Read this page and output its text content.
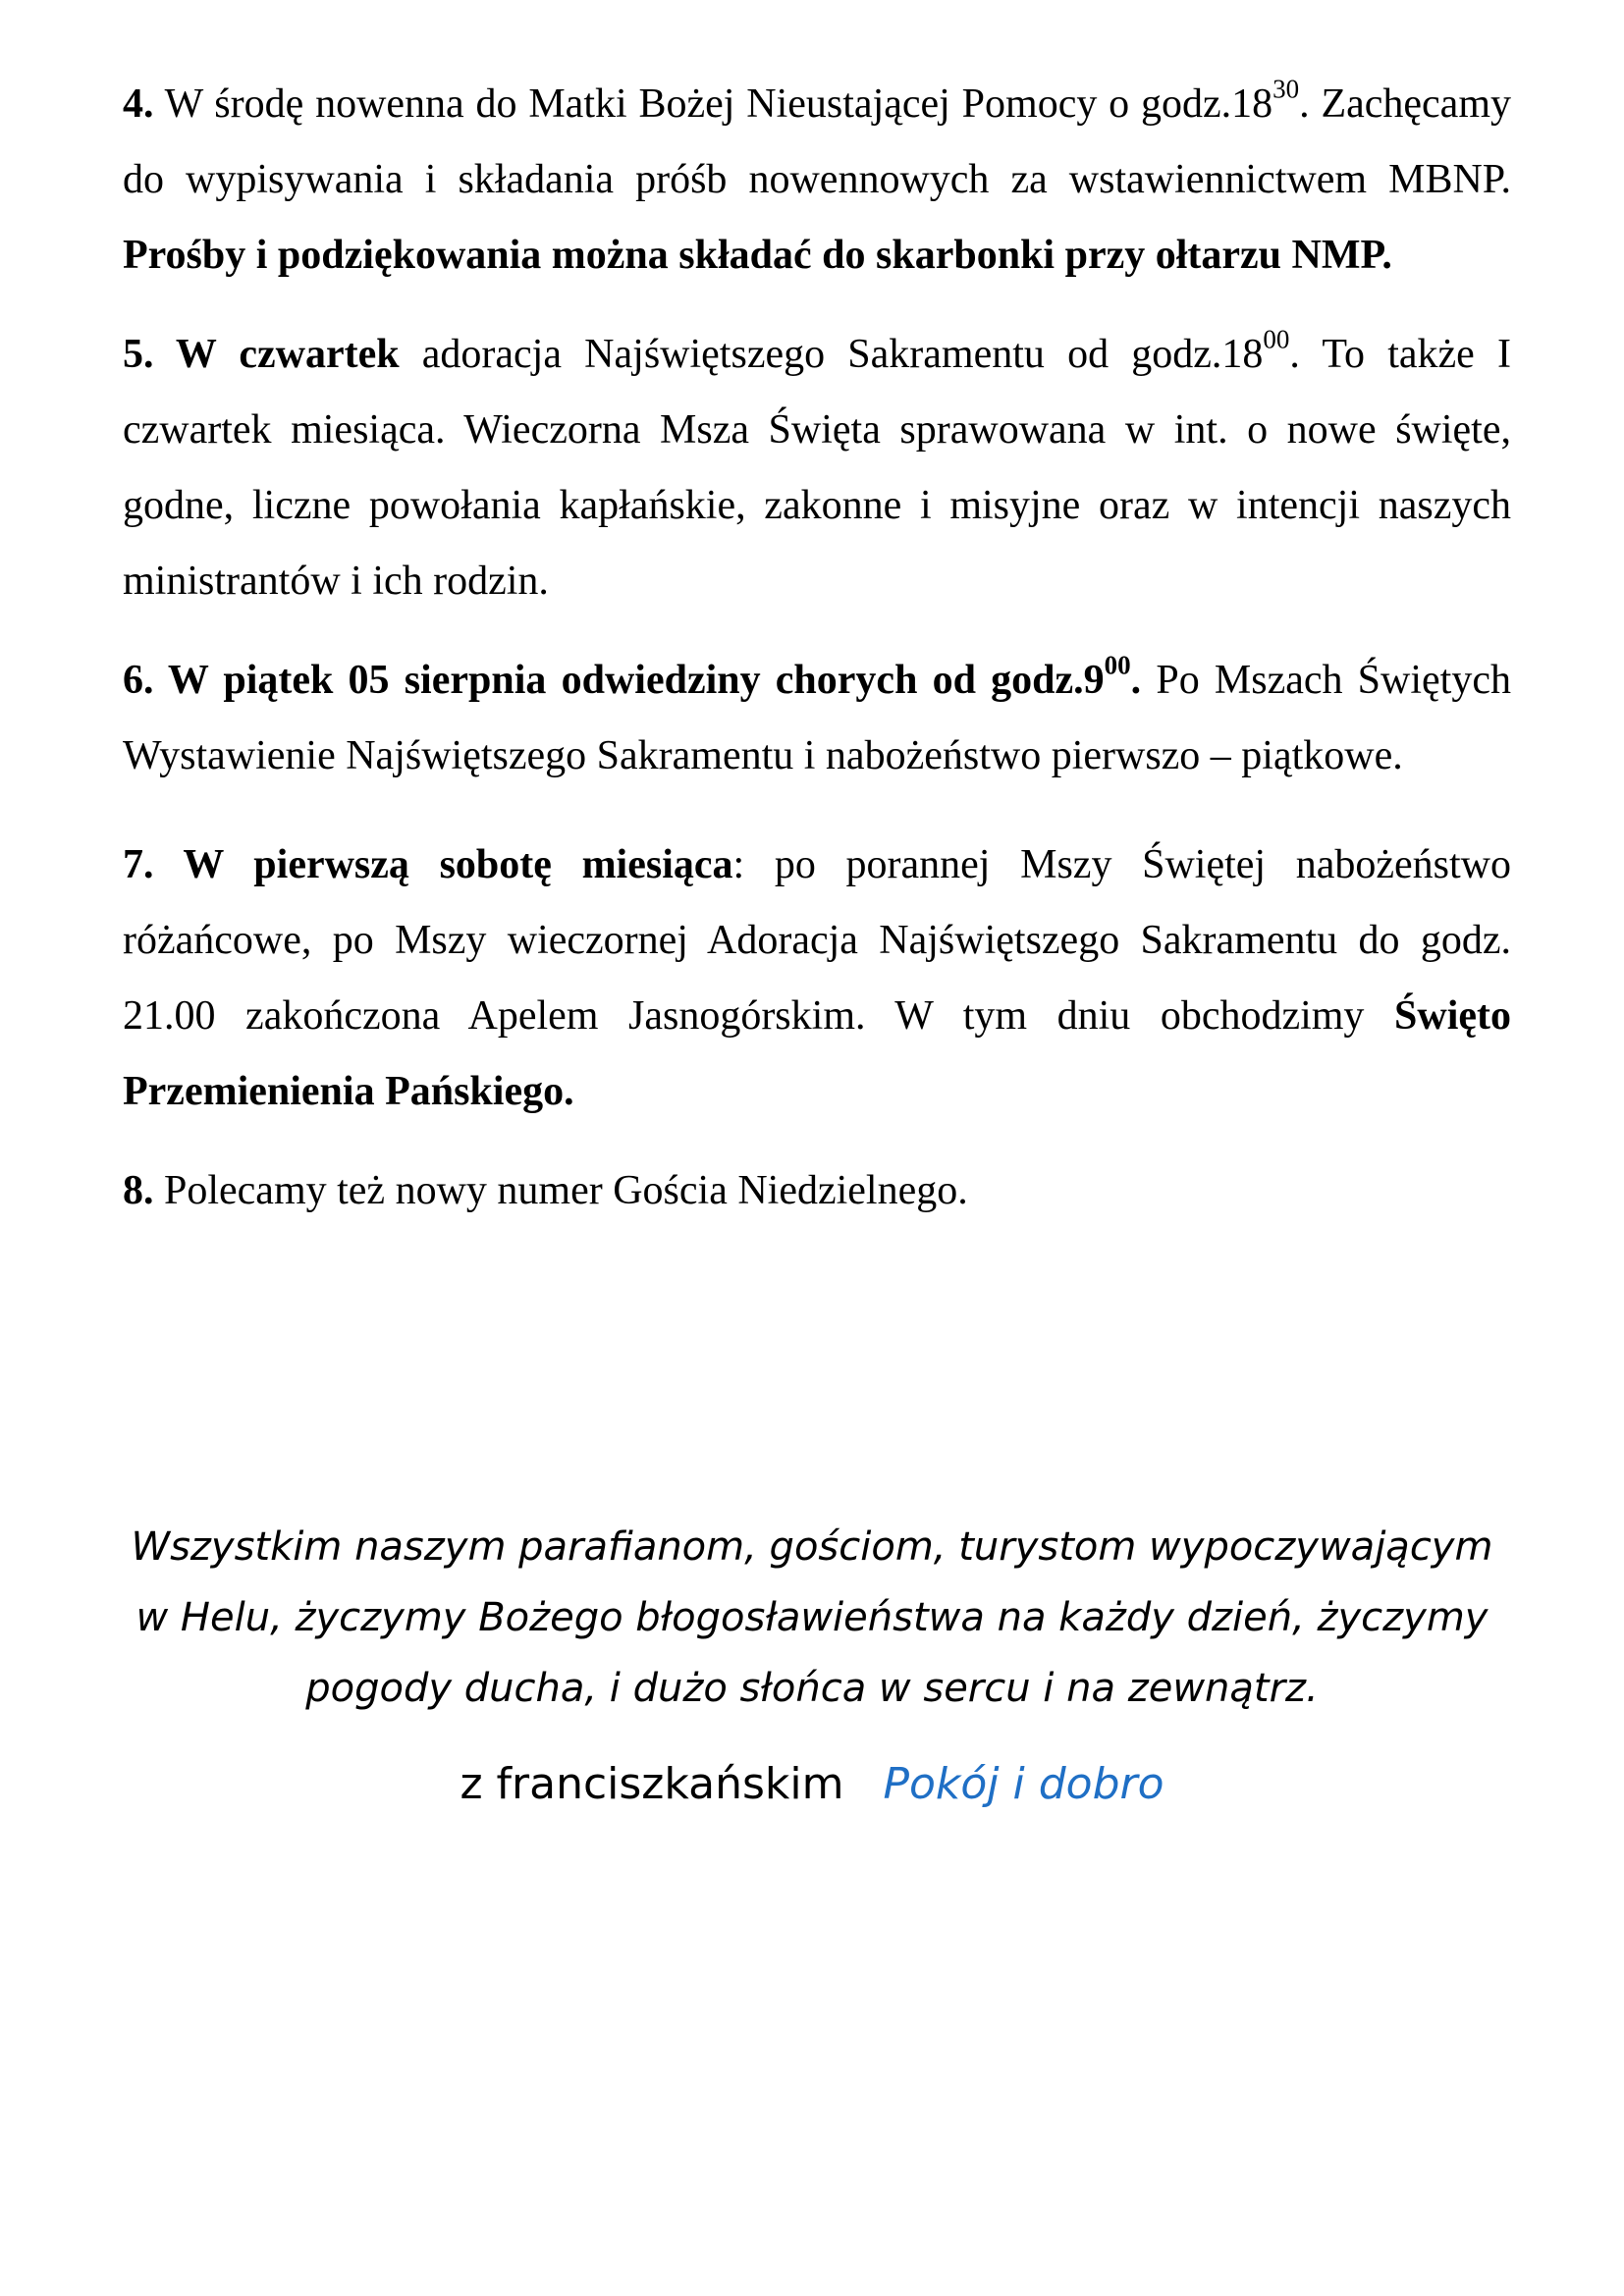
4. W środę nowenna do Matki Bożej Nieustającej Pomocy o $godz.18^{30}$. Zachęcamy do wypisywania i składania próśb nowennowych za wstawiennictwem MBNP. Prośby i podziękowania można składać do skarbonki przy ołtarzu NMP.

5. W czwartek adoracja Najświętszego Sakramentu od $godz.18^{00}$. To także I czwartek miesiąca. Wieczorna Msza Święta sprawowana w int. o nowe święte, godne, liczne powołania kapłańskie, zakonne i misyjne oraz w intencji naszych ministrantów i ich rodzin.

6. W piątek 05 sierpnia odwiedziny chorych od $godz.9^{00}$. Po Mszach Świętych Wystawienie Najświętszego Sakramentu i nabożeństwo pierwszo – piątkowe.

7. W pierwszą sobotę miesiąca: po porannej Mszy Świętej nabożeństwo różańcowe, po Mszy wieczornej Adoracja Najświętszego Sakramentu do godz. 21.00 zakończona Apelem Jasnogórskim. W tym dniu obchodzimy Święto Przemienienia Pańskiego.

8. Polecamy też nowy numer Gościa Niedzielnego.

Wszystkim naszym parafianom, gościom, turystom wypoczywającym
w Helu, życzymy Bożego błogosławieństwa na każdy dzień, życzymy
pogody ducha, i dużo słońca w sercu i na zewnątrz.

z franciszkańskim Pokój i dobro
